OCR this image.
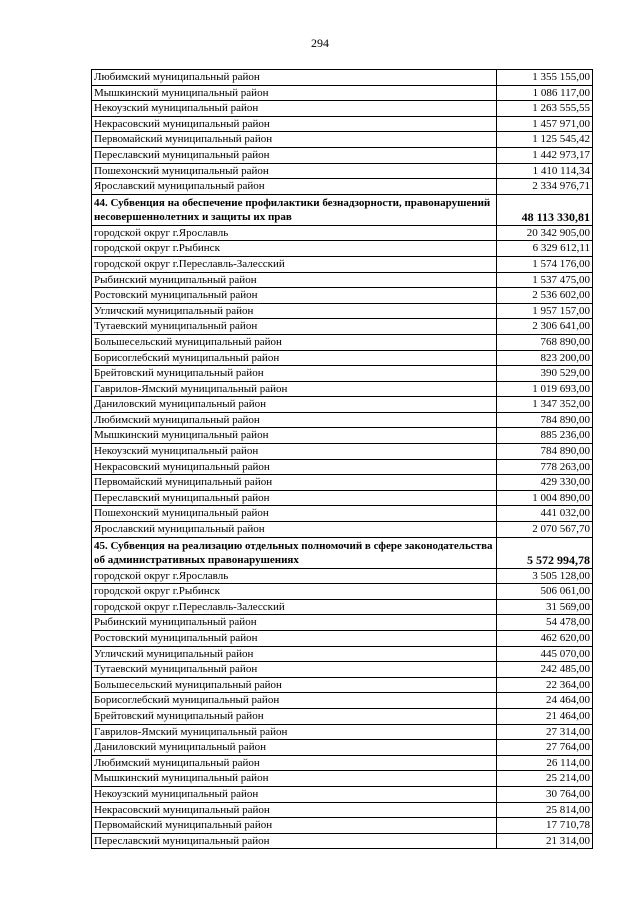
294
Любимский муниципальный район	1 355 155,00
Мышкинский муниципальный район	1 086 117,00
Некоузский муниципальный район	1 263 555,55
Некрасовский муниципальный район	1 457 971,00
Первомайский муниципальный район	1 125 545,42
Переславский муниципальный район	1 442 973,17
Пошехонский муниципальный район	1 410 114,34
Ярославский муниципальный район	2 334 976,71
44. Субвенция на обеспечение профилактики безнадзорности, правонарушений несовершеннолетних и защиты их прав	48 113 330,81
городской округ г.Ярославль	20 342 905,00
городской округ г.Рыбинск	6 329 612,11
городской округ г.Переславль-Залесский	1 574 176,00
Рыбинский муниципальный район	1 537 475,00
Ростовский муниципальный район	2 536 602,00
Угличский муниципальный район	1 957 157,00
Тутаевский муниципальный район	2 306 641,00
Большесельский муниципальный район	768 890,00
Борисоглебский муниципальный район	823 200,00
Брейтовский муниципальный район	390 529,00
Гаврилов-Ямский муниципальный район	1 019 693,00
Даниловский муниципальный район	1 347 352,00
Любимский муниципальный район	784 890,00
Мышкинский муниципальный район	885 236,00
Некоузский муниципальный район	784 890,00
Некрасовский муниципальный район	778 263,00
Первомайский муниципальный район	429 330,00
Переславский муниципальный район	1 004 890,00
Пошехонский муниципальный район	441 032,00
Ярославский муниципальный район	2 070 567,70
45. Субвенция на реализацию отдельных полномочий в сфере законодательства об административных правонарушениях	5 572 994,78
городской округ г.Ярославль	3 505 128,00
городской округ г.Рыбинск	506 061,00
городской округ г.Переславль-Залесский	31 569,00
Рыбинский муниципальный район	54 478,00
Ростовский муниципальный район	462 620,00
Угличский муниципальный район	445 070,00
Тутаевский муниципальный район	242 485,00
Большесельский муниципальный район	22 364,00
Борисоглебский муниципальный район	24 464,00
Брейтовский муниципальный район	21 464,00
Гаврилов-Ямский муниципальный район	27 314,00
Даниловский муниципальный район	27 764,00
Любимский муниципальный район	26 114,00
Мышкинский муниципальный район	25 214,00
Некоузский муниципальный район	30 764,00
Некрасовский муниципальный район	25 814,00
Первомайский муниципальный район	17 710,78
Переславский муниципальный район	21 314,00
